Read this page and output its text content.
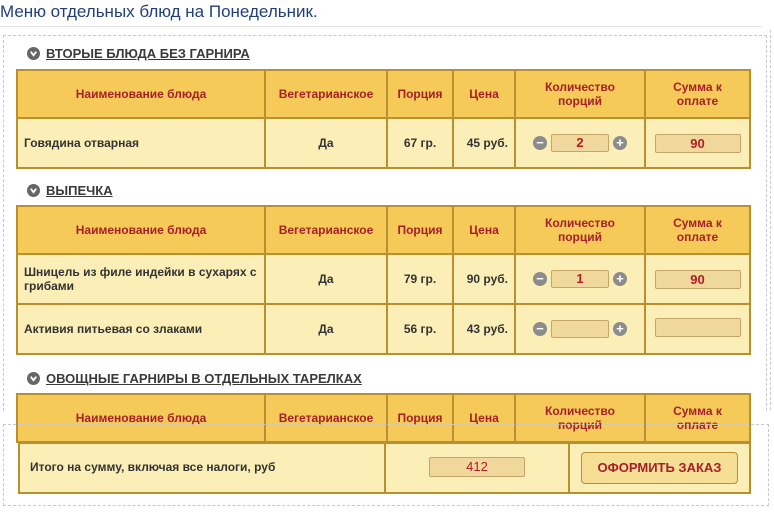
Меню отдельных блюд на Понедельник.
ВТОРЫЕ БЛЮДА БЕЗ ГАРНИРА
Наименование блюда	Вегетарианское	Порция	Цена	Количество порций	Сумма к оплате
Говядина отварная	Да	67 гр.	45 руб.	− 2 +	90
ВЫПЕЧКА
Наименование блюда	Вегетарианское	Порция	Цена	Количество порций	Сумма к оплате
Шницель из филе индейки в сухарях с грибами	Да	79 гр.	90 руб.	− 1 +	90
Активия питьевая со злаками	Да	56 гр.	43 руб.	− +	

ОВОЩНЫЕ ГАРНИРЫ В ОТДЕЛЬНЫХ ТАРЕЛКАХ
Наименование блюда	Вегетарианское	Порция	Цена	Количество порций	Сумма к оплате
Итого на сумму, включая все налоги, руб	412	ОФОРМИТЬ ЗАКАЗ
